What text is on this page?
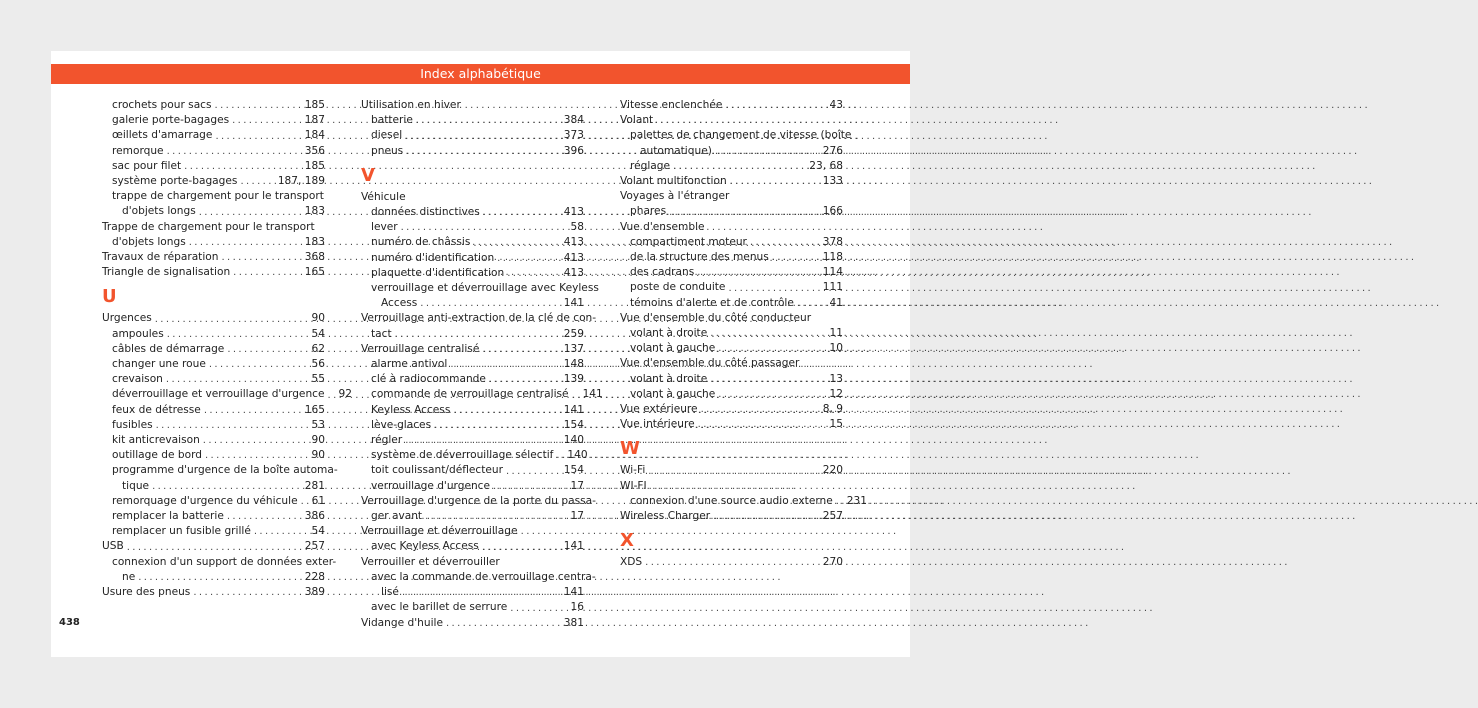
Index alphabétique
crochets pour sacs . . .	185
galerie porte-bagages . . .	187
œillets d'amarrage . . .	184
remorque . . .	356
sac pour filet . . .	185
système porte-bagages . . .	187, 189
trappe de chargement pour le transport
d'objets longs . . .	183
Trappe de chargement pour le transport
d'objets longs . . .	183
Travaux de réparation . . .	368
Triangle de signalisation . . .	165
U
Urgences . . .	90
ampoules . . .	54
câbles de démarrage . . .	62
changer une roue . . .	56
crevaison . . .	55
déverrouillage et verrouillage d'urgence . . . 92
feux de détresse . . .	165
fusibles . . .	53
kit anticrevaison . . .	90
outillage de bord . . .	90
programme d'urgence de la boîte automa-
tique . . .	281
remorquage d'urgence du véhicule . . . 61
remplacer la batterie . . .	386
remplacer un fusible grillé . . .	54
USB . . .	257
connexion d'un support de données exter-
ne . . .	228
Usure des pneus . . .	389
Utilisation en hiver
batterie . . .	384
diesel . . .	373
pneus . . .	396
V
Véhicule
données distinctives . . .	413
lever . . .	58
numéro de châssis . . .	413
numéro d'identification . . .	413
plaquette d'identification . . .	413
verrouillage et déverrouillage avec Keyless
Access . . .	141
Verrouillage anti-extraction de la clé de con-
tact . . .	259
Verrouillage centralisé . . .	137
alarme antivol . . .	148
clé à radiocommande . . .	139
commande de verrouillage centralisé . . . 141
Keyless Access . . .	141
lève-glaces . . .	154
régler . . .	140
système de déverrouillage sélectif . . . 140
toit coulissant/déflecteur . . .	154
verrouillage d'urgence . . .	17
Verrouillage d'urgence de la porte du passa-
ger avant . . .	17
Verrouillage et déverrouillage
avec Keyless Access . . .	141
Verrouiller et déverrouiller
avec la commande de verrouillage centra-
lisé . . .	141
avec le barillet de serrure . . .	16
Vidange d'huile . . .	381
Vitesse enclenchée . . .	43
Volant
palettes de changement de vitesse (boîte
automatique) . . .	276
réglage . . .	23, 68
Volant multifonction . . .	133
Voyages à l'étranger
phares . . .	166
Vue d'ensemble
compartiment moteur . . .	378
de la structure des menus . . .	118
des cadrans . . .	114
poste de conduite . . .	111
témoins d'alerte et de contrôle . . .	41
Vue d'ensemble du côté conducteur
volant à droite . . .	11
volant à gauche . . .	10
Vue d'ensemble du côté passager
volant à droite . . .	13
volant à gauche . . .	12
Vue extérieure . . .	8, 9
Vue intérieure . . .	15
W
Wi-Fi . . .	220
WI-FI
connexion d'une source audio externe . . . 231
Wireless Charger . . .	257
X
XDS . . .	270
438
